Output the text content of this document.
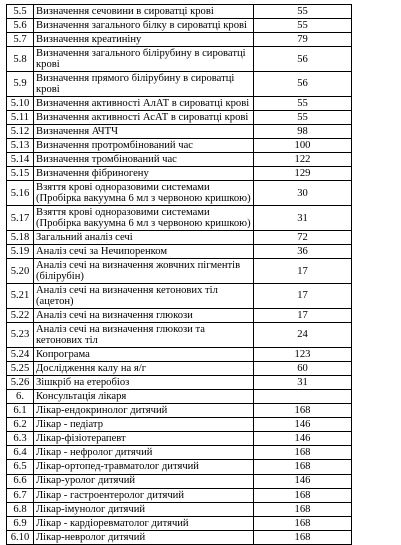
5.5	Визначення сечовини в сироватці крові	55
5.6	Визначення загального білку в сироватці крові	55
5.7	Визначення креатиніну	79
5.8	Визначення загального білірубину в сироватці крові	56
5.9	Визначення прямого білірубину в сироватці крові	56
5.10	Визначення активності АлАТ в сироватці крові	55
5.11	Визначення активності АсАТ в сироватці крові	55
5.12	Визначення АЧТЧ	98
5.13	Визначення протромбінований час	100
5.14	Визначення тромбінований час	122
5.15	Визначення фібриногену	129
5.16	Взяття крові одноразовими системами (Пробірка вакуумна 6 мл з червоною кришкою)	30
5.17	Взяття крові одноразовими системами (Пробірка вакуумна 6 мл з червоною кришкою)	31
5.18	Загальний аналіз сечі	72
5.19	Аналіз сечі за Нечипоренком	36
5.20	Аналіз сечі на визначення жовчних пігментів (білірубін)	17
5.21	Аналіз сечі на визначення кетонових тіл (ацетон)	17
5.22	Аналіз сечі на визначення глюкози	17
5.23	Аналіз сечі на визначення глюкози та кетонових тіл	24
5.24	Копрограма	123
5.25	Дослідження калу на я/г	60
5.26	Зішкріб на етеробіоз	31
6.	Консультація лікаря	
6.1	Лікар-ендокринолог дитячий	168
6.2	Лікар - педіатр	146
6.3	Лікар-фізіотерапевт	146
6.4	Лікар - нефролог дитячий	168
6.5	Лікар-ортопед-травматолог дитячий	168
6.6	Лікар-уролог дитячий	146
6.7	Лікар - гастроентеролог дитячий	168
6.8	Лікар-імунолог дитячий	168
6.9	Лікар - кардіоревматолог дитячий	168
6.10	Лікар-невролог дитячий	168
